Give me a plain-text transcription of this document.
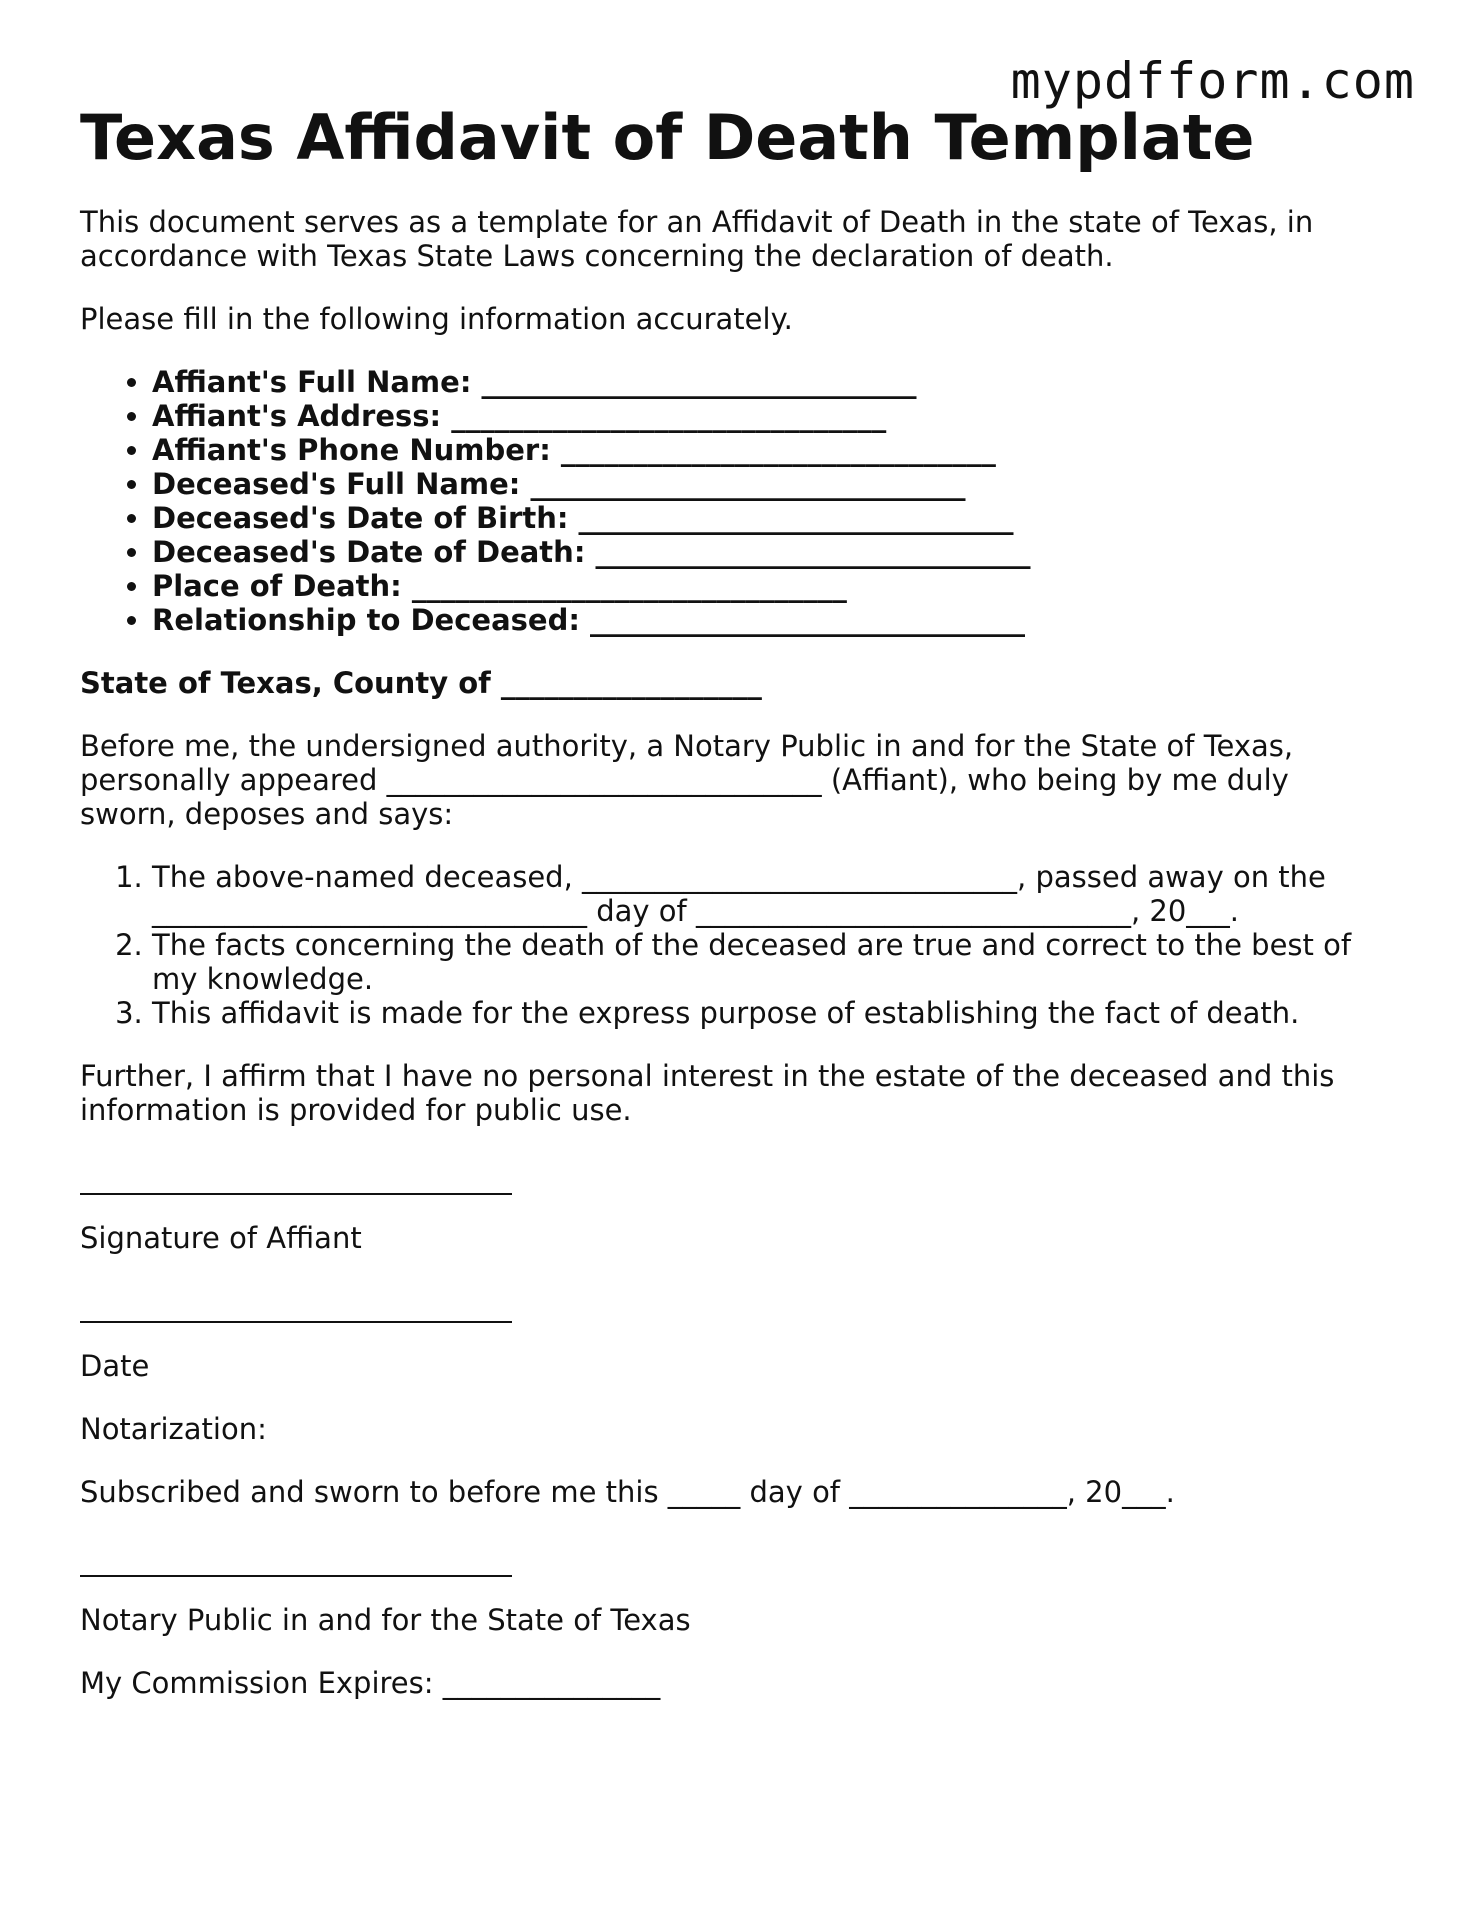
mypdfform.com
Texas Affidavit of Death Template

This document serves as a template for an Affidavit of Death in the state of Texas, in accordance with Texas State Laws concerning the declaration of death.

Please fill in the following information accurately.

• Affiant's Full Name: ______________________________
• Affiant's Address: ______________________________
• Affiant's Phone Number: ______________________________
• Deceased's Full Name: ______________________________
• Deceased's Date of Birth: ______________________________
• Deceased's Date of Death: ______________________________
• Place of Death: ______________________________
• Relationship to Deceased: ______________________________

State of Texas, County of __________________

Before me, the undersigned authority, a Notary Public in and for the State of Texas, personally appeared ______________________________ (Affiant), who being by me duly sworn, deposes and says:

1. The above-named deceased, ______________________________, passed away on the ______________________________ day of ______________________________, 20___.
2. The facts concerning the death of the deceased are true and correct to the best of my knowledge.
3. This affidavit is made for the express purpose of establishing the fact of death.

Further, I affirm that I have no personal interest in the estate of the deceased and this information is provided for public use.

Signature of Affiant

Date

Notarization:

Subscribed and sworn to before me this _____ day of _______________, 20___.

Notary Public in and for the State of Texas

My Commission Expires: _______________
